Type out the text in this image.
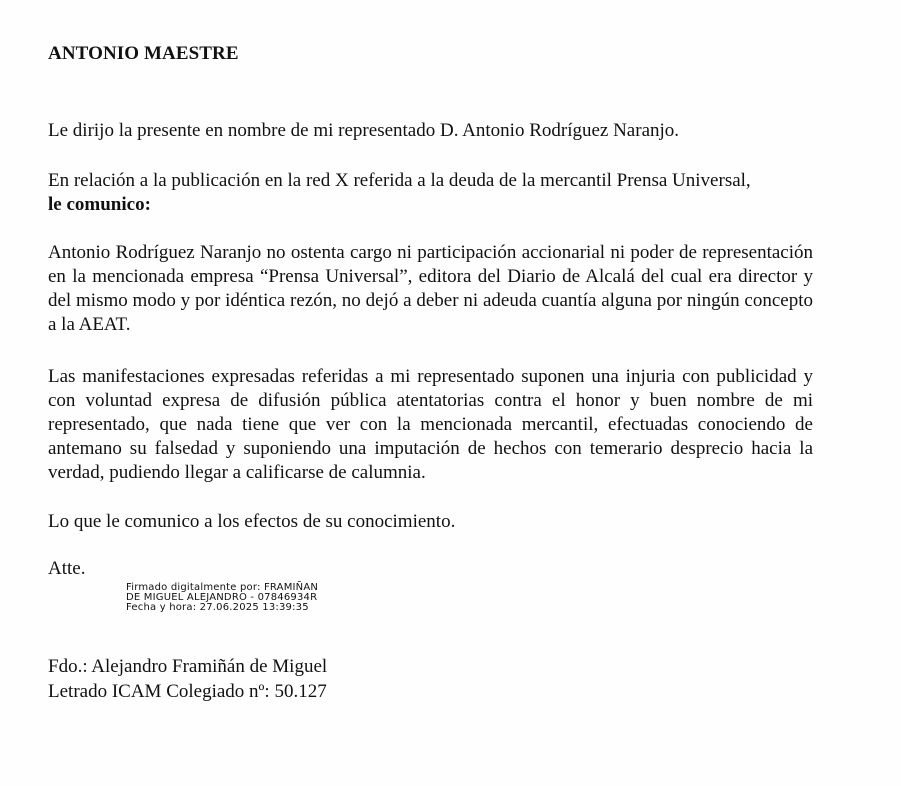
ANTONIO MAESTRE
Le dirijo la presente en nombre de mi representado D. Antonio Rodríguez Naranjo.
En relación a la publicación en la red X referida a la deuda de la mercantil Prensa Universal,
le comunico:
Antonio Rodríguez Naranjo no ostenta cargo ni participación accionarial ni poder de representación en la mencionada empresa “Prensa Universal”, editora del Diario de Alcalá del cual era director y del mismo modo y por idéntica rezón, no dejó a deber ni adeuda cuantía alguna por ningún concepto a la AEAT.
Las manifestaciones expresadas referidas a mi representado suponen una injuria con publicidad y con voluntad expresa de difusión pública atentatorias contra el honor y buen nombre de mi representado, que nada tiene que ver con la mencionada mercantil, efectuadas conociendo de antemano su falsedad y suponiendo una imputación de hechos con temerario desprecio hacia la verdad, pudiendo llegar a calificarse de calumnia.
Lo que le comunico a los efectos de su conocimiento.
Atte.
Firmado digitalmente por: FRAMIÑAN
DE MIGUEL ALEJANDRO - 07846934R
Fecha y hora: 27.06.2025 13:39:35
Fdo.: Alejandro Framiñán de Miguel
Letrado ICAM Colegiado nº: 50.127
